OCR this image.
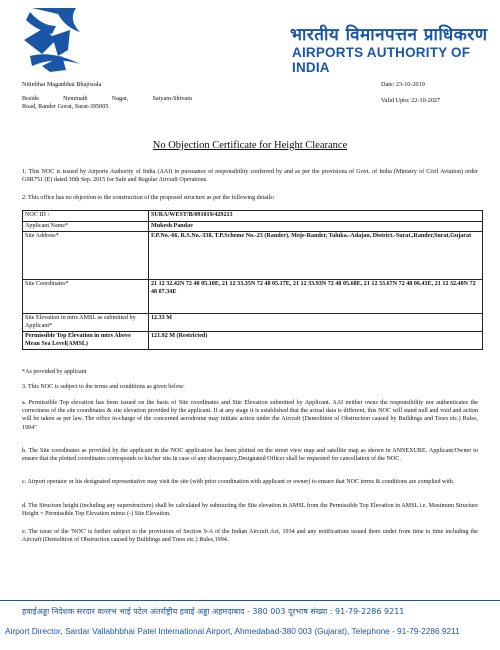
भारतीय विमानपत्तन प्राधिकरण
AIRPORTS AUTHORITY OF INDIA
Nitinbhai Maganbhai Bhajiwala
Beside Neminath Nagar, Satyam-Shivam
Road, Rander Gorat, Surat-395005
Date: 23-10-2019
Valid Upto: 22-10-2027
No Objection Certificate for Height Clearance
1. This NOC is issued by Airports Authority of India (AAI) in pursuance of responsibility conferred by and as per the provisions of Govt. of India (Ministry of Civil Aviation) order GSR751 (E) dated 30th Sep. 2015 for Safe and Regular Aircraft Operations.
2. This office has no objection to the construction of the proposed structure as per the following details:
NOC ID :	SURA/WEST/B/091019/429213
Applicant Name*	Mukesh Pandav
Site Address*	F.P.No.-66, R.S.No.-338, T.P.Scheme No.-23 (Rander), Moje-Rander, Taluka.-Adajan, District.-Surat.,Rander,Surat,Gujarat
Site Coordinates*	21 12 32.42N 72 48 05.10E, 21 12 33.35N 72 48 05.17E, 21 12 33.93N 72 48 05.68E, 21 12 33.67N 72 48 06.43E, 21 12 32.48N 72 48 07.34E
Site Elevation in mtrs AMSL as submitted by Applicant*	12.33 M
Permissible Top Elevation in mtrs Above Mean Sea Level(AMSL)	121.92 M (Restricted)
*As provided by applicant
3. This NOC is subject to the terms and conditions as given below:
a. Permissible Top elevation has been issued on the basis of Site coordinates and Site Elevation submitted by Applicant. AAI neither owns the responsibility nor authenticates the correctness of the site coordinates & site elevation provided by the applicant. If at any stage it is established that the actual data is different, this NOC will stand null and void and action will be taken as per law. The office in-charge of the concerned aerodrome may initiate action under the Aircraft (Demolition of Obstruction caused by Buildings and Trees etc.) Rules, 1994"
b. The Site coordinates as provided by the applicant in the NOC application has been plotted on the street view map and satellite map as shown in ANNEXURE. Applicant/Owner to ensure that the plotted coordinates corresponds to his/her site.In case of any discrepancy,Designated Officer shall be requested for cancellation of the NOC.
c. Airport operator or his designated representative may visit the site (with prior coordination with applicant or owner) to ensure that NOC terms & conditions are complied with.
d. The Structure height (including any superstructure) shall be calculated by subtracting the Site elevation in AMSL from the Permissible Top Elevation in AMSL i.e. Maximum Structure Height = Permissible Top Elevation minus (-) Site Elevation.
e. The issue of the 'NOC' is further subject to the provisions of Section 9-A of the Indian Aircraft Act, 1934 and any notifications issued there under from time to time including the Aircraft (Demolition of Obstruction caused by Buildings and Trees etc.) Rules,1994.
हवाईअड्डा निदेशक सरदार वल्लभ भाई पटेल अंतर्राष्ट्रीय हवाई अड्डा अहमदाबाद - 380 003 दूरभाष संख्या : 91-79-2286 9211
Airport Director, Sardar Vallabhbhai Patel International Airport, Ahmedabad-380 003 (Gujarat), Telephone - 91-79-2286 9211
